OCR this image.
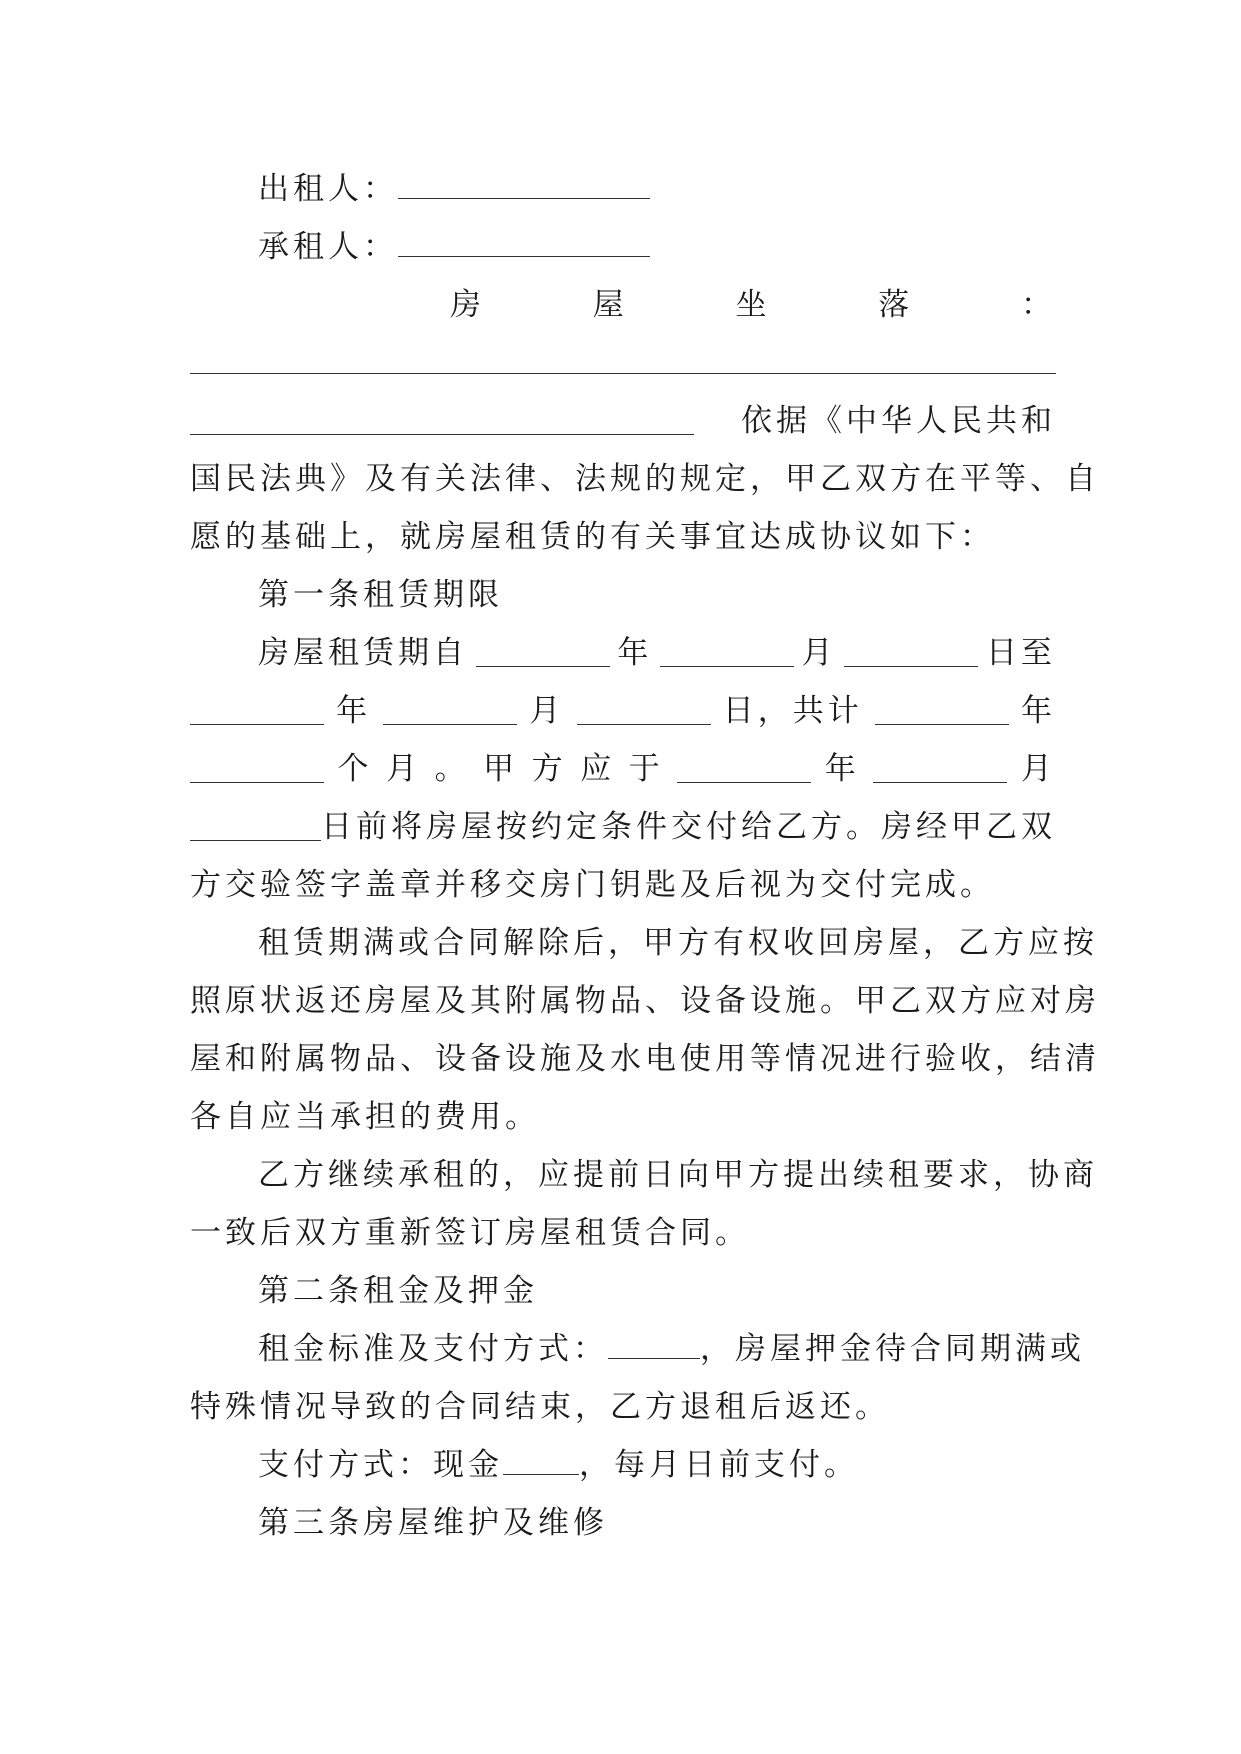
出租人：
承租人：
房	屋	坐	落	：
依据《中华人民共和
国民法典》及有关法律、法规的规定，甲乙双方在平等、自
愿的基础上，就房屋租赁的有关事宜达成协议如下：
第一条租赁期限
房屋租赁期自	年	月	日至
年	月	日，共计	年
个 月 。 甲 方 应 于	年	月
日前将房屋按约定条件交付给乙方。房经甲乙双
方交验签字盖章并移交房门钥匙及后视为交付完成。
租赁期满或合同解除后，甲方有权收回房屋，乙方应按
照原状返还房屋及其附属物品、设备设施。甲乙双方应对房
屋和附属物品、设备设施及水电使用等情况进行验收，结清
各自应当承担的费用。
乙方继续承租的，应提前日向甲方提出续租要求，协商
一致后双方重新签订房屋租赁合同。
第二条租金及押金
租金标准及支付方式：	，房屋押金待合同期满或
特殊情况导致的合同结束，乙方退租后返还。
支付方式：现金 ，每月日前支付。
第三条房屋维护及维修
